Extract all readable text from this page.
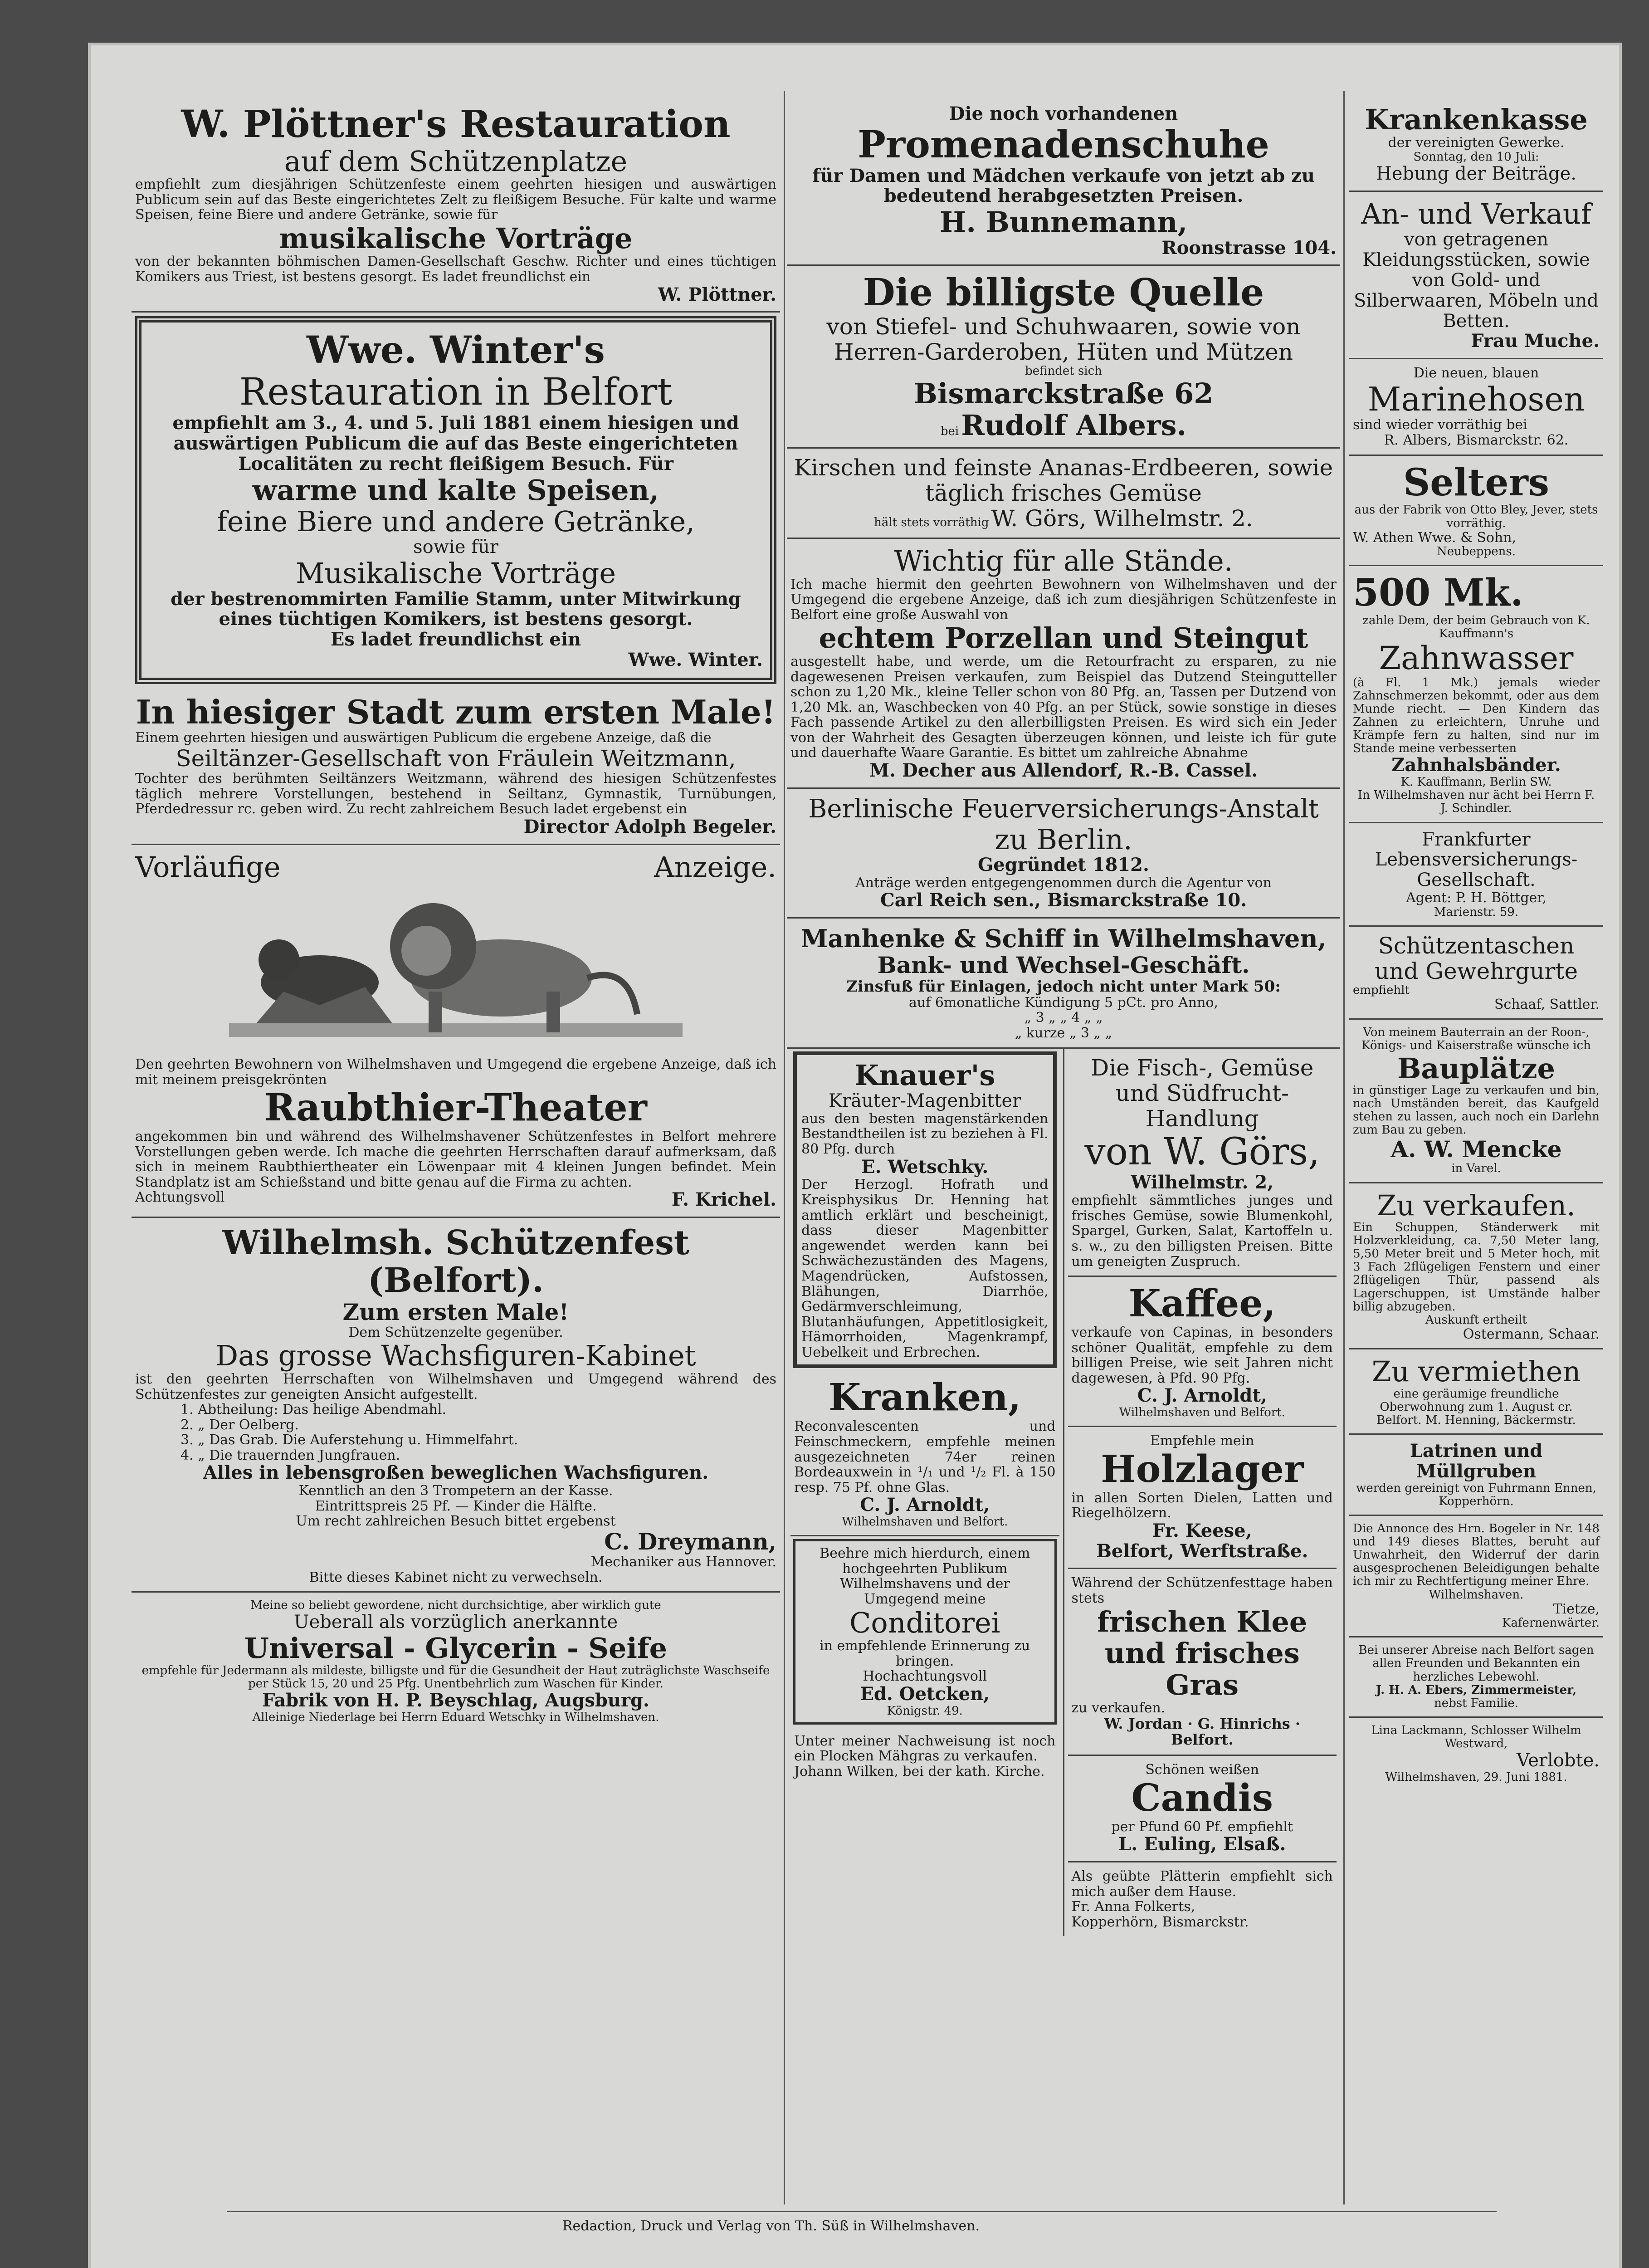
W. Plöttner's Restauration
auf dem Schützenplatze
empfiehlt zum diesjährigen Schützenfeste einem geehrten hiesigen und auswärtigen Publicum sein auf das Beste eingerichtetes Zelt zu fleißigem Besuche. Für kalte und warme Speisen, feine Biere und andere Getränke, sowie für
musikalische Vorträge
von der bekannten böhmischen Damen-Gesellschaft Geschw. Richter und eines tüchtigen Komikers aus Triest, ist bestens gesorgt. Es ladet freundlichst ein
W. Plöttner.
Wwe. Winter's
Restauration in Belfort
empfiehlt am 3., 4. und 5. Juli 1881 einem hiesigen und auswärtigen Publicum die auf das Beste eingerichteten Localitäten zu recht fleißigem Besuch. Für
warme und kalte Speisen,
feine Biere und andere Getränke,
sowie für
Musikalische Vorträge
der bestrenommirten Familie Stamm, unter Mitwirkung eines tüchtigen Komikers, ist bestens gesorgt.
Es ladet freundlichst ein
Wwe. Winter.
In hiesiger Stadt zum ersten Male!
Einem geehrten hiesigen und auswärtigen Publicum die ergebene Anzeige, daß die
Seiltänzer-Gesellschaft von Fräulein Weitzmann,
Tochter des berühmten Seiltänzers Weitzmann, während des hiesigen Schützenfestes täglich mehrere Vorstellungen, bestehend in Seiltanz, Gymnastik, Turnübungen, Pferdedressur rc. geben wird. Zu recht zahlreichem Besuch ladet ergebenst ein
Director Adolph Begeler.
Vorläufige	Anzeige.
Den geehrten Bewohnern von Wilhelmshaven und Umgegend die ergebene Anzeige, daß ich mit meinem preisgekrönten
Raubthier-Theater
angekommen bin und während des Wilhelmshavener Schützenfestes in Belfort mehrere Vorstellungen geben werde. Ich mache die geehrten Herrschaften darauf aufmerksam, daß sich in meinem Raubthiertheater ein Löwenpaar mit 4 kleinen Jungen befindet. Mein Standplatz ist am Schießstand und bitte genau auf die Firma zu achten.
Achtungsvoll	F. Krichel.
Wilhelmsh. Schützenfest (Belfort).
Zum ersten Male!
Dem Schützenzelte gegenüber.
Das grosse Wachsfiguren-Kabinet
ist den geehrten Herrschaften von Wilhelmshaven und Umgegend während des Schützenfestes zur geneigten Ansicht aufgestellt.
1. Abtheilung: Das heilige Abendmahl.
2. „ Der Oelberg.
3. „ Das Grab. Die Auferstehung u. Himmelfahrt.
4. „ Die trauernden Jungfrauen.
Alles in lebensgroßen beweglichen Wachsfiguren.
Kenntlich an den 3 Trompetern an der Kasse.
Eintrittspreis 25 Pf. — Kinder die Hälfte.
Um recht zahlreichen Besuch bittet ergebenst
C. Dreymann,
Mechaniker aus Hannover.
Bitte dieses Kabinet nicht zu verwechseln.
Meine so beliebt gewordene, nicht durchsichtige, aber wirklich gute
Ueberall als vorzüglich anerkannte
Universal - Glycerin - Seife
empfehle für Jedermann als mildeste, billigste und für die Gesundheit der Haut zuträglichste Waschseife per Stück 15, 20 und 25 Pfg. Unentbehrlich zum Waschen für Kinder.
Fabrik von H. P. Beyschlag, Augsburg.
Alleinige Niederlage bei Herrn Eduard Wetschky in Wilhelmshaven.
Die noch vorhandenen
Promenadenschuhe
für Damen und Mädchen verkaufe von jetzt ab zu bedeutend herabgesetzten Preisen.
H. Bunnemann,
Roonstrasse 104.
Die billigste Quelle
von Stiefel- und Schuhwaaren, sowie von Herren-Garderoben, Hüten und Mützen
befindet sich
Bismarckstraße 62
bei Rudolf Albers.
Kirschen und feinste Ananas-Erdbeeren, sowie täglich frisches Gemüse
hält stets vorräthig W. Görs, Wilhelmstr. 2.
Wichtig für alle Stände.
Ich mache hiermit den geehrten Bewohnern von Wilhelmshaven und der Umgegend die ergebene Anzeige, daß ich zum diesjährigen Schützenfeste in Belfort eine große Auswahl von
echtem Porzellan und Steingut
ausgestellt habe, und werde, um die Retourfracht zu ersparen, zu nie dagewesenen Preisen verkaufen, zum Beispiel das Dutzend Steingutteller schon zu 1,20 Mk., kleine Teller schon von 80 Pfg. an, Tassen per Dutzend von 1,20 Mk. an, Waschbecken von 40 Pfg. an per Stück, sowie sonstige in dieses Fach passende Artikel zu den allerbilligsten Preisen. Es wird sich ein Jeder von der Wahrheit des Gesagten überzeugen können, und leiste ich für gute und dauerhafte Waare Garantie. Es bittet um zahlreiche Abnahme
M. Decher aus Allendorf, R.-B. Cassel.
Berlinische Feuerversicherungs-Anstalt
zu Berlin.
Gegründet 1812.
Anträge werden entgegengenommen durch die Agentur von
Carl Reich sen., Bismarckstraße 10.
Manhenke & Schiff in Wilhelmshaven,
Bank- und Wechsel-Geschäft.
Zinsfuß für Einlagen, jedoch nicht unter Mark 50:
auf 6monatliche Kündigung 5 pCt. pro Anno,
„ 3 „ „ 4 „ „
„ kurze „ 3 „ „
Knauer's
Kräuter-Magenbitter
aus den besten magenstärkenden Bestandtheilen ist zu beziehen à Fl. 80 Pfg. durch
E. Wetschky.
Der Herzogl. Hofrath und Kreisphysikus Dr. Henning hat amtlich erklärt und bescheinigt, dass dieser Magenbitter angewendet werden kann bei Schwächezuständen des Magens, Magendrücken, Aufstossen, Blähungen, Diarrhöe, Gedärmverschleimung, Blutanhäufungen, Appetitlosigkeit, Hämorrhoiden, Magenkrampf, Uebelkeit und Erbrechen.
Kranken,
Reconvalescenten und Feinschmeckern, empfehle meinen ausgezeichneten 74er reinen Bordeauxwein in ¹/₁ und ¹/₂ Fl. à 150 resp. 75 Pf. ohne Glas.
C. J. Arnoldt,
Wilhelmshaven und Belfort.
Beehre mich hierdurch, einem hochgeehrten Publikum Wilhelmshavens und der Umgegend meine
Conditorei
in empfehlende Erinnerung zu bringen.
Hochachtungsvoll
Ed. Oetcken,
Königstr. 49.
Unter meiner Nachweisung ist noch ein Plocken Mähgras zu verkaufen.
Johann Wilken, bei der kath. Kirche.
Die Fisch-, Gemüse und Südfrucht-Handlung
von W. Görs,
Wilhelmstr. 2,
empfiehlt sämmtliches junges und frisches Gemüse, sowie Blumenkohl, Spargel, Gurken, Salat, Kartoffeln u. s. w., zu den billigsten Preisen. Bitte um geneigten Zuspruch.
Kaffee,
verkaufe von Capinas, in besonders schöner Qualität, empfehle zu dem billigen Preise, wie seit Jahren nicht dagewesen, à Pfd. 90 Pfg.
C. J. Arnoldt,
Wilhelmshaven und Belfort.
Empfehle mein
Holzlager
in allen Sorten Dielen, Latten und Riegelhölzern.
Fr. Keese,
Belfort, Werftstraße.
Während der Schützenfesttage haben stets
frischen Klee und frisches Gras
zu verkaufen.
W. Jordan · G. Hinrichs · Belfort.
Schönen weißen
Candis
per Pfund 60 Pf. empfiehlt
L. Euling, Elsaß.
Als geübte Plätterin empfiehlt sich mich außer dem Hause.
Fr. Anna Folkerts,
Kopperhörn, Bismarckstr.
Krankenkasse
der vereinigten Gewerke.
Sonntag, den 10 Juli:
Hebung der Beiträge.
An- und Verkauf
von getragenen Kleidungsstücken, sowie von Gold- und Silberwaaren, Möbeln und Betten.
Frau Muche.
Die neuen, blauen
Marinehosen
sind wieder vorräthig bei
R. Albers, Bismarckstr. 62.
Selters
aus der Fabrik von Otto Bley, Jever, stets vorräthig.
W. Athen Wwe. & Sohn,
Neubeppens.
500 Mk.
zahle Dem, der beim Gebrauch von K. Kauffmann's
Zahnwasser
(à Fl. 1 Mk.) jemals wieder Zahnschmerzen bekommt, oder aus dem Munde riecht. — Den Kindern das Zahnen zu erleichtern, Unruhe und Krämpfe fern zu halten, sind nur im Stande meine verbesserten
Zahnhalsbänder.
K. Kauffmann, Berlin SW.
In Wilhelmshaven nur ächt bei Herrn F. J. Schindler.
Frankfurter Lebensversicherungs-Gesellschaft.
Agent: P. H. Böttger,
Marienstr. 59.
Schützentaschen und Gewehrgurte
empfiehlt
Schaaf, Sattler.
Von meinem Bauterrain an der Roon-, Königs- und Kaiserstraße wünsche ich
Bauplätze
in günstiger Lage zu verkaufen und bin, nach Umständen bereit, das Kaufgeld stehen zu lassen, auch noch ein Darlehn zum Bau zu geben.
A. W. Mencke
in Varel.
Zu verkaufen.
Ein Schuppen, Ständerwerk mit Holzverkleidung, ca. 7,50 Meter lang, 5,50 Meter breit und 5 Meter hoch, mit 3 Fach 2flügeligen Fenstern und einer 2flügeligen Thür, passend als Lagerschuppen, ist Umstände halber billig abzugeben.
Auskunft ertheilt
Ostermann, Schaar.
Zu vermiethen
eine geräumige freundliche Oberwohnung zum 1. August cr.
Belfort. M. Henning, Bäckermstr.
Latrinen und Müllgruben
werden gereinigt von Fuhrmann Ennen, Kopperhörn.
Die Annonce des Hrn. Bogeler in Nr. 148 und 149 dieses Blattes, beruht auf Unwahrheit, den Widerruf der darin ausgesprochenen Beleidigungen behalte ich mir zu Rechtfertigung meiner Ehre.
Wilhelmshaven.
Tietze,
Kafernenwärter.
Bei unserer Abreise nach Belfort sagen allen Freunden und Bekannten ein herzliches Lebewohl.
J. H. A. Ebers, Zimmermeister,
nebst Familie.
Lina Lackmann, Schlosser Wilhelm Westward,
Verlobte.
Wilhelmshaven, 29. Juni 1881.
Redaction, Druck und Verlag von Th. Süß in Wilhelmshaven.
